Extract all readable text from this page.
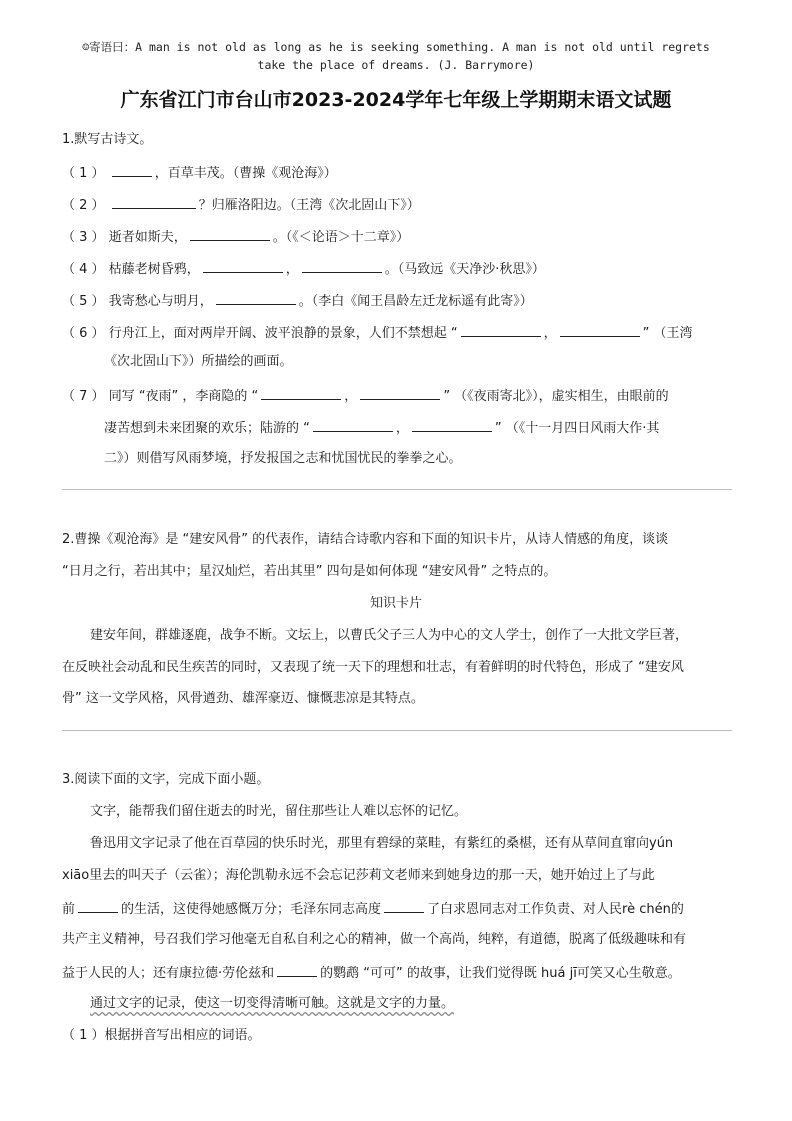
☺寄语曰：A man is not old as long as he is seeking something. A man is not old until regrets
take the place of dreams. (J. Barrymore)
广东省江门市台山市2023-2024学年七年级上学期期末语文试题
1.默写古诗文。
（ 1 ）	，百草丰茂。（曹操《观沧海》）
（ 2 ）	？归雁洛阳边。（王湾《次北固山下》）
（ 3 ） 逝者如斯夫，	。（《＜论语＞十二章》）
（ 4 ） 枯藤老树昏鸦，	，	。（马致远《天净沙·秋思》）
（ 5 ） 我寄愁心与明月，	。（李白《闻王昌龄左迁龙标遥有此寄》）
（ 6 ） 行舟江上，面对两岸开阔、波平浪静的景象，人们不禁想起 “	，	” （王湾
《次北固山下》）所描绘的画面。
（ 7 ） 同写 “夜雨” ，李商隐的 “	，	” （《夜雨寄北》），虚实相生，由眼前的
凄苦想到未来团聚的欢乐；陆游的 “	，	” （《十一月四日风雨大作·其
二》）则借写风雨梦境，抒发报国之志和忧国忧民的拳拳之心。
2.曹操《观沧海》是 “建安风骨” 的代表作，请结合诗歌内容和下面的知识卡片，从诗人情感的角度，谈谈
“日月之行，若出其中；星汉灿烂，若出其里” 四句是如何体现 “建安风骨” 之特点的。
知识卡片
建安年间，群雄逐鹿，战争不断。文坛上，以曹氏父子三人为中心的文人学士，创作了一大批文学巨著，
在反映社会动乱和民生疾苦的同时，又表现了统一天下的理想和壮志，有着鲜明的时代特色，形成了 “建安风
骨” 这一文学风格，风骨遒劲、雄浑豪迈、慷慨悲凉是其特点。
3.阅读下面的文字，完成下面小题。
文字，能帮我们留住逝去的时光，留住那些让人难以忘怀的记忆。
鲁迅用文字记录了他在百草园的快乐时光，那里有碧绿的菜畦，有紫红的桑椹，还有从草间直窜向yún
xiāo里去的叫天子（云雀）；海伦凯勒永远不会忘记莎莉文老师来到她身边的那一天，她开始过上了与此
前	的生活，这使得她感慨万分；毛泽东同志高度	了白求恩同志对工作负责、对人民rè chén的
共产主义精神，号召我们学习他毫无自私自利之心的精神，做一个高尚，纯粹，有道德，脱离了低级趣味和有
益于人民的人；还有康拉德·劳伦兹和	的鹦鹉 “可可” 的故事，让我们觉得既 huá jī可笑又心生敬意。
通过文字的记录，使这一切变得清晰可触。这就是文字的力量。
（ 1 ）根据拼音写出相应的词语。
